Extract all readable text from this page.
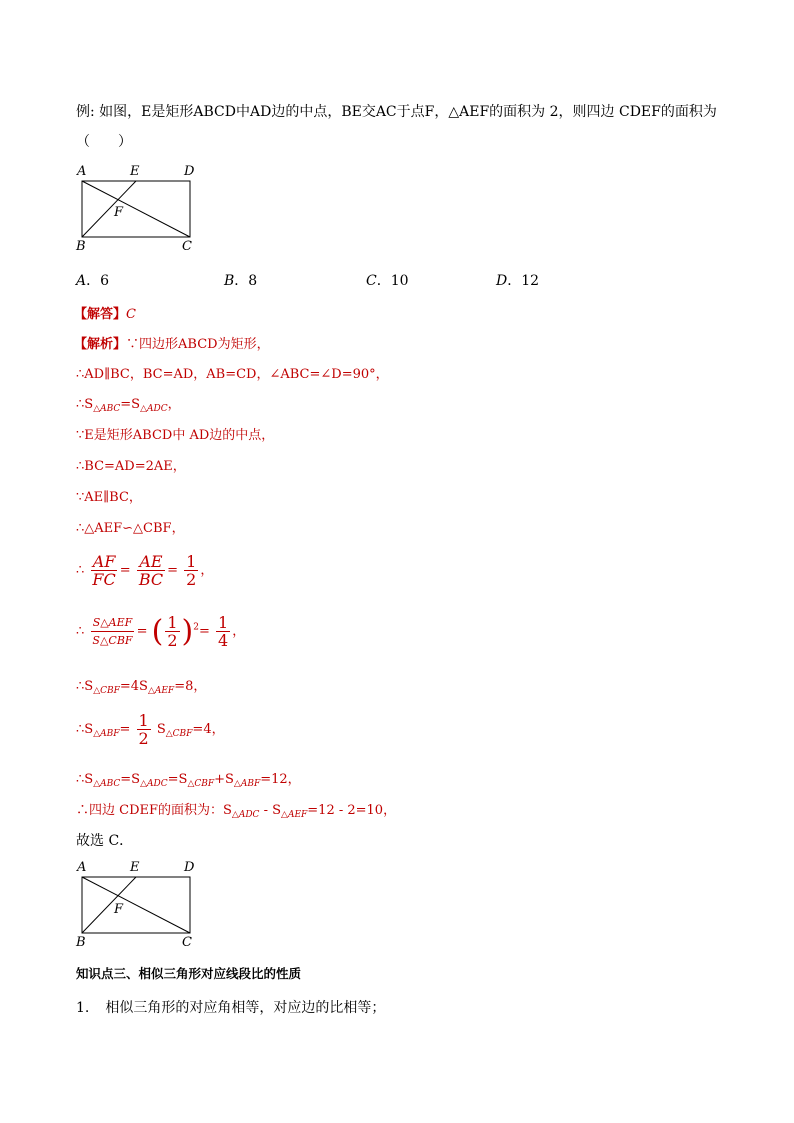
例: 如图，E是矩形ABCD中AD边的中点，BE交AC于点F，△AEF的面积为 2，则四边 CDEF的面积为
（　　）
A	E	D
F
B	C
A．6	B．8	C．10	D．12
【解答】C
【解析】∵四边形ABCD为矩形，
∴AD∥BC，BC=AD，AB=CD，∠ABC=∠D=90°，
$\therefore S_{\triangle ABC}=S_{\triangle ADC}$，
∵E是矩形ABCD中 AD边的中点，
∴BC=AD=2AE，
∵AE∥BC，
∴△AEF∽△CBF，
∴ $\frac{AF}{FC} = \frac{AE}{BC} = \frac{1}{2}$ ，
∴ $\frac{\text{S△AEF}}{\text{S△CBF}}$ = ( $\frac{1}{2} )^2= \frac{1}{4}$ ，
$\therefore S_{\triangle CBF}=4S_{\triangle AEF}=8$，
$\therefore S_{\triangle ABF}= \frac{1}{2} S_{\triangle CBF}=4$，
$\therefore S_{\triangle ABC}=S_{\triangle ADC}=S_{\triangle CBF}+S_{\triangle ABF}=12$，
∴四边 CDEF的面积为：$S_{\triangle ADC} - S_{\triangle AEF}=12 - 2=10$，
故选 C．
A	E	D
F
B	C
知识点三、相似三角形对应线段比的性质
1. 相似三角形的对应角相等，对应边的比相等；
